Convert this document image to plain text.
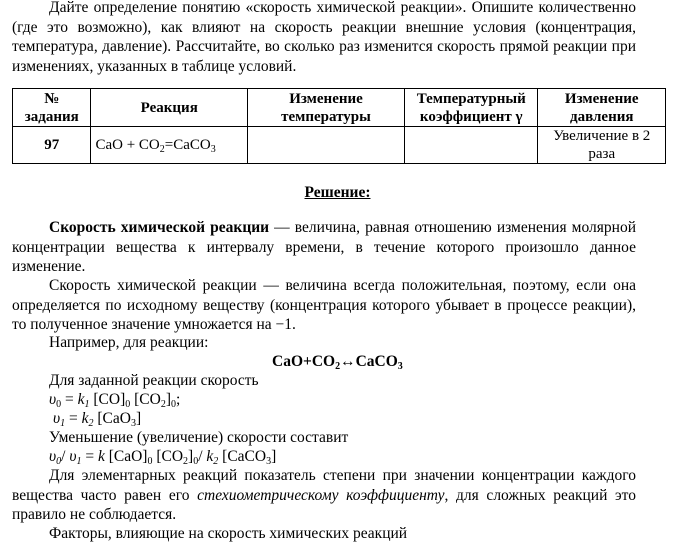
Дайте определение понятию «скорость химической реакции». Опишите количественно (где это возможно), как влияют на скорость реакции внешние условия (концентрация, температура, давление). Рассчитайте, во сколько раз изменится скорость прямой реакции при изменениях, указанных в таблице условий.
№ задания	Реакция	Изменение температуры	Температурный коэффициент γ	Изменение давления
97	CaO + $CO_2=CaCO_3$			Увеличение в 2 раза
Решение:
Скорость химической реакции — величина, равная отношению изменения молярной концентрации вещества к интервалу времени, в течение которого произошло данное изменение.
Скорость химической реакции — величина всегда положительная, поэтому, если она определяется по исходному веществу (концентрация которого убывает в процессе реакции), то полученное значение умножается на −1.
Например, для реакции:
$CaO+CO_2\leftrightarrow CaCO_3$
Для заданной реакции скорость
$\upsilon_0 = k_1$ $[CO]_0$ $[CO_2]_0$;
$\upsilon_1 = k_2$ [CaO$_3$]
Уменьшение (увеличение) скорости составит
$\upsilon_0/$ $\upsilon_1 = k$ $[CaO]_0$ $[CO_2]_0/$ $k_2$ [CaCO$_3$]
Для элементарных реакций показатель степени при значении концентрации каждого вещества часто равен его стехиометрическому коэффициенту, для сложных реакций это правило не соблюдается.
Факторы, влияющие на скорость химических реакций
